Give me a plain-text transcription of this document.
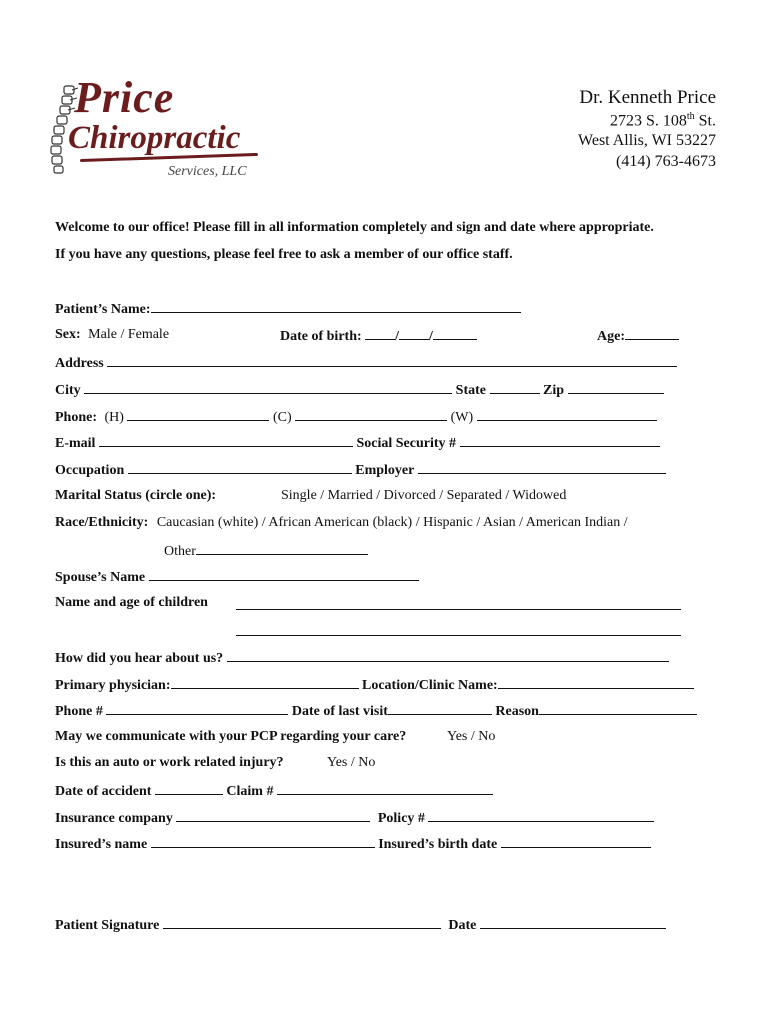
Price
Chiropractic
Services, LLC
Dr. Kenneth Price
2723 S. 108th St.
West Allis, WI 53227
(414) 763-4673
Welcome to our office! Please fill in all information completely and sign and date where appropriate.
If you have any questions, please feel free to ask a member of our office staff.
Patient’s Name:
Sex: Male / Female	Date of birth: / /	Age:
Address
City	State	Zip
Phone: (H)	(C)	(W)
E-mail	Social Security #
Occupation	Employer
Marital Status (circle one):	Single / Married / Divorced / Separated / Widowed
Race/Ethnicity: Caucasian (white) / African American (black) / Hispanic / Asian / American Indian /
Other
Spouse’s Name
Name and age of children
How did you hear about us?
Primary physician:	Location/Clinic Name:
Phone #	Date of last visit	Reason
May we communicate with your PCP regarding your care?	Yes / No
Is this an auto or work related injury?	Yes / No
Date of accident	Claim #
Insurance company	Policy #
Insured’s name	Insured’s birth date
Patient Signature	Date
